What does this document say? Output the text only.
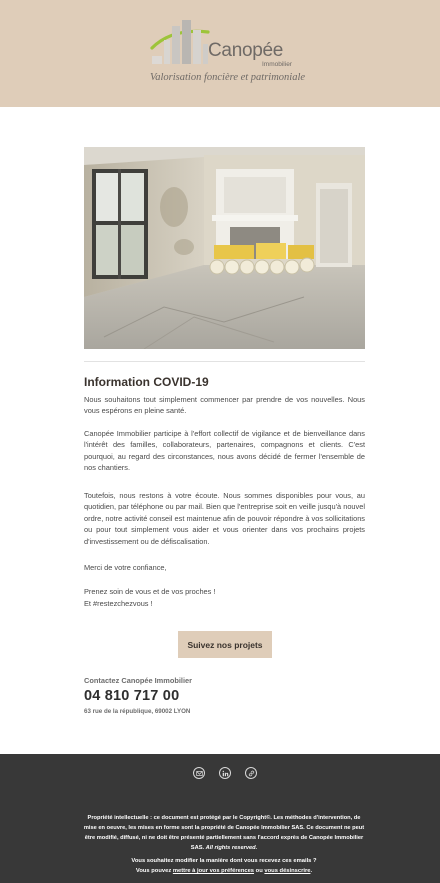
Canopée
Immobilier
Valorisation foncière et patrimoniale
Information COVID-19

Nous souhaitons tout simplement commencer par prendre de vos nouvelles. Nous vous espérons en pleine santé.

Canopée Immobilier participe à l'effort collectif de vigilance et de bienveillance dans l'intérêt des familles, collaborateurs, partenaires, compagnons et clients. C'est pourquoi, au regard des circonstances, nous avons décidé de fermer l'ensemble de nos chantiers.

Toutefois, nous restons à votre écoute. Nous sommes disponibles pour vous, au quotidien, par téléphone ou par mail. Bien que l'entreprise soit en veille jusqu'à nouvel ordre, notre activité conseil est maintenue afin de pouvoir répondre à vos sollicitations ou pour tout simplement vous aider et vous orienter dans vos prochains projets d'investissement ou de défiscalisation.

Merci de votre confiance,

Prenez soin de vous et de vos proches !

Et #restezchezvous !

Suivez nos projets
Contactez Canopée Immobilier
04 810 717 00
63 rue de la république, 69002 LYON
Propriété intellectuelle : ce document est protégé par le Copyright©. Les méthodes d'intervention, de mise en oeuvre, les mises en forme sont la propriété de Canopée Immobilier SAS. Ce document ne peut être modifié, diffusé, ni ne doit être présenté partiellement sans l'accord exprès de Canopée Immobilier SAS. All rights reserved.
Vous souhaitez modifier la manière dont vous recevez ces emails ?
Vous pouvez mettre à jour vos préférences ou vous désinscrire.
